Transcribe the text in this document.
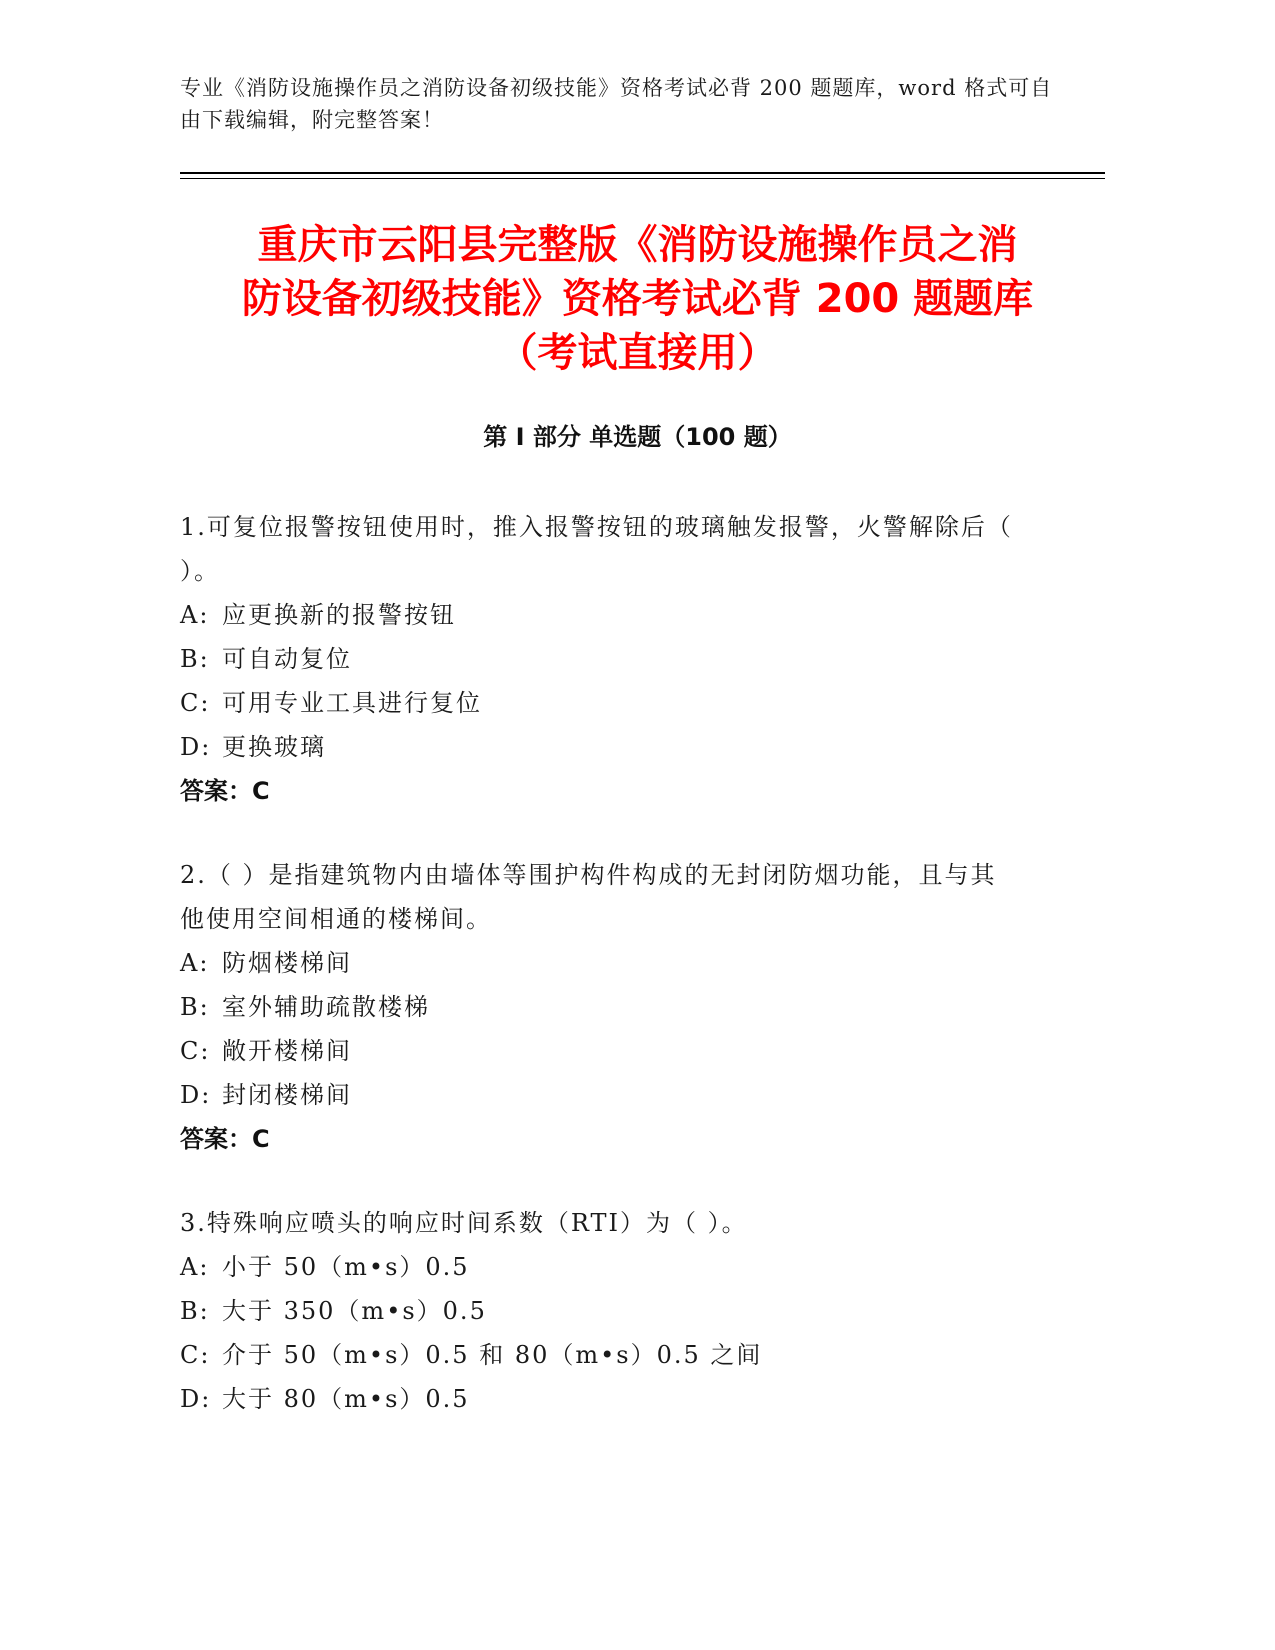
专业《消防设施操作员之消防设备初级技能》资格考试必背 200 题题库，word 格式可自由下载编辑，附完整答案！
重庆市云阳县完整版《消防设施操作员之消
防设备初级技能》资格考试必背 200 题题库
（考试直接用）
第 I 部分 单选题（100 题）
1.可复位报警按钮使用时，推入报警按钮的玻璃触发报警，火警解除后（ ）。
A: 应更换新的报警按钮
B: 可自动复位
C: 可用专业工具进行复位
D: 更换玻璃
答案：C
2.（ ）是指建筑物内由墙体等围护构件构成的无封闭防烟功能，且与其他使用空间相通的楼梯间。
A: 防烟楼梯间
B: 室外辅助疏散楼梯
C: 敞开楼梯间
D: 封闭楼梯间
答案：C
3.特殊响应喷头的响应时间系数（RTI）为（ ）。
A: 小于 50（m•s）0.5
B: 大于 350（m•s）0.5
C: 介于 50（m•s）0.5 和 80（m•s）0.5 之间
D: 大于 80（m•s）0.5
